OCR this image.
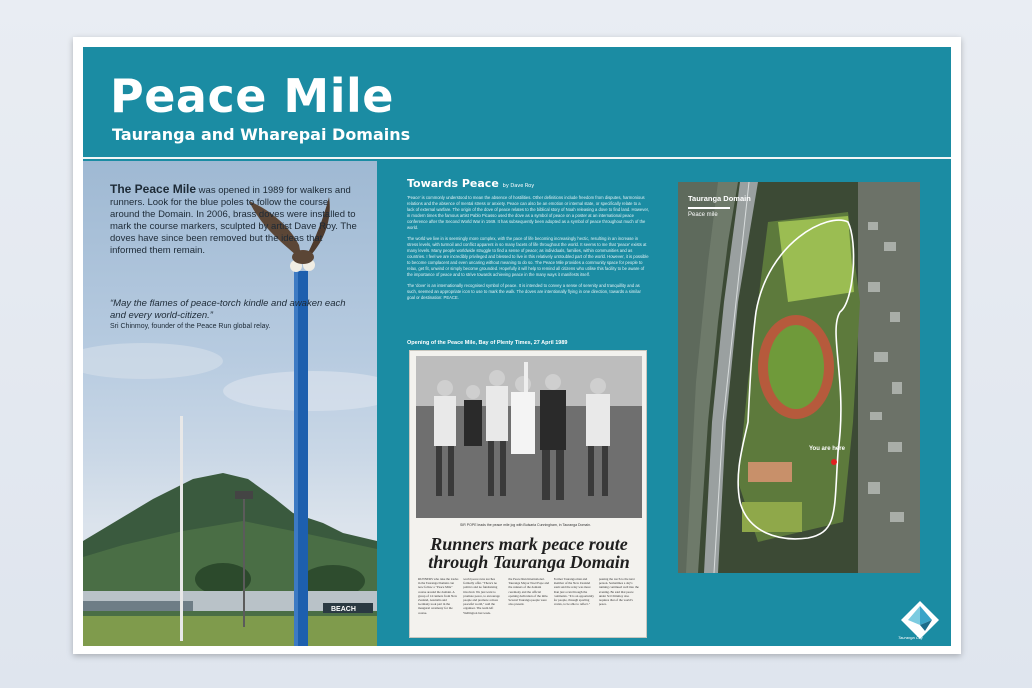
Peace Mile
Tauranga and Wharepai Domains
BEACH
The Peace Mile was opened in 1989 for walkers and runners. Look for the blue poles to follow the course around the Domain. In 2006, brass doves were installed to mark the course markers, sculpted by artist Dave Roy. The doves have since been removed but the ideas that informed them remain.
“May the flames of peace-torch kindle and awaken each and every world-citizen.”
Sri Chinmoy, founder of the Peace Run global relay.
Towards Peace by Dave Roy

'Peace' is commonly understood to mean the absence of hostilities. Other definitions include freedom from disputes, harmonious relations and the absence of mental stress or anxiety. Peace can also be an emotion or internal state, or specifically relate to a lack of external warfare. The origin of the dove of peace relates to the biblical story of Noah releasing a dove to find land. However, in modern times the famous artist Pablo Picasso used the dove as a symbol of peace on a poster at an international peace conference after the Second World War in 1949. It has subsequently been adopted as a symbol of peace throughout much of the world.

The world we live in is seemingly more complex, with the pace of life becoming increasingly hectic, resulting in an increase in stress levels, with turmoil and conflict apparent in so many facets of life throughout the world. It seems to me that 'peace' exists at many levels. Many people worldwide struggle to find a sense of peace; as individuals, families, within communities and as countries. I feel we are incredibly privileged and blessed to live in this relatively untroubled part of the world. However, it is possible to become complacent and even uncaring without meaning to do so. The Peace Mile provides a community space for people to relax, get fit, unwind or simply become grounded. Hopefully it will help to remind all citizens who utilise this facility to be aware of the importance of peace and to strive towards achieving peace in the many ways it manifests itself.

The 'dove' is an internationally recognised symbol of peace. It is intended to convey a sense of serenity and tranquillity and as such, seemed an appropriate icon to use to mark the walk. The doves are intentionally flying in one direction, towards a similar goal or destination: PEACE.

Opening of the Peace Mile, Bay of Plenty Times, 27 April 1989
SIR POPE leads the peace mile jog with Bulsaria Cunningham, in Tauranga Domain.
Runners mark peace route through Tauranga Domain
RUNNERS who take the tracks in the Tauranga Domain can now follow a "Peace Mile" course around the domain. A group of 14 runners from New Zealand, Australia and Germany took part in the inaugural ceremony for the course.
world peace runs torches formally offer. "There's no politics and no fundraising involved. We just want to promote peace, to encourage people and promote a more peaceful world," said the organiser. The team left Wellington last week.
the Peace Run International. Tauranga Mayor Noel Pope and the runners of the domain ceremony and the official opening dedication of the mile. Several Tauranga people were also present.
Former Tauranga man and member of the New Zealand team said the relay was more than just a run through the continents. "It is an opportunity for people, through sporting events, to be able to reflect."
passing the torch to the next person. Sometimes a day's running continued well into the evening. Be said that peace under Sri Chinmoy also requires that of the world's peace.
Tauranga Domain
Peace mile
You are here
Tauranga City
